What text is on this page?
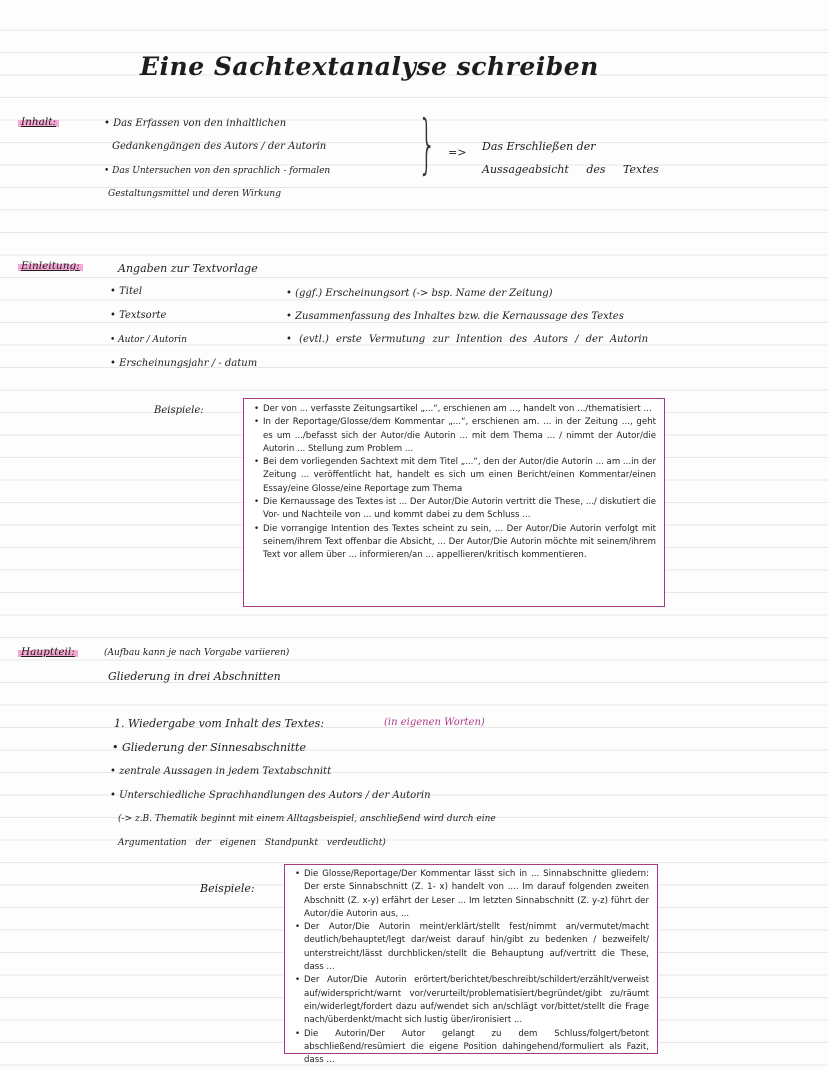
Eine Sachtextanalyse schreiben
Inhalt:	• Das Erfassen von den inhaltlichen
Gedankengängen des Autors / der Autorin
• Das Untersuchen von den sprachlich - formalen
Gestaltungsmittel und deren Wirkung
} => Das Erschließen der
Aussageabsicht des Textes
Einleitung:	Angaben zur Textvorlage
• Titel
• Textsorte
• Autor / Autorin
• Erscheinungsjahr / - datum
• (ggf.) Erscheinungsort (-> bsp. Name der Zeitung)
• Zusammenfassung des Inhaltes bzw. die Kernaussage des Textes
• (evtl.) erste Vermutung zur Intention des Autors / der Autorin
Beispiele:
•	Der von ... verfasste Zeitungsartikel „...“, erschienen am ..., handelt von .../thematisiert ...
• In der Reportage/Glosse/dem Kommentar „...“, erschienen am. ... in der Zeitung ..., geht es um .../befasst sich der Autor/die Autorin ... mit dem Thema ... / nimmt der Autor/die Autorin ... Stellung zum Problem ...
• Bei dem vorliegenden Sachtext mit dem Titel „...“, den der Autor/die Autorin ... am ...in der Zeitung ... veröffentlicht hat, handelt es sich um einen Bericht/einen Kommentar/einen Essay/eine Glosse/eine Reportage zum Thema
• Die Kernaussage des Textes ist ... Der Autor/Die Autorin vertritt die These, .../ diskutiert die Vor- und Nachteile von ... und kommt dabei zu dem Schluss ...
• Die vorrangige Intention des Textes scheint zu sein, ... Der Autor/Die Autorin verfolgt mit seinem/ihrem Text offenbar die Absicht, ... Der Autor/Die Autorin möchte mit seinem/ihrem Text vor allem über ... informieren/an ... appellieren/kritisch kommentieren.
Hauptteil:	(Aufbau kann je nach Vorgabe variieren)
Gliederung in drei Abschnitten
1. Wiedergabe vom Inhalt des Textes:	(in eigenen Worten)
• Gliederung der Sinnesabschnitte
• zentrale Aussagen in jedem Textabschnitt
• Unterschiedliche Sprachhandlungen des Autors / der Autorin
(-> z.B. Thematik beginnt mit einem Alltagsbeispiel, anschließend wird durch eine
Argumentation der eigenen Standpunkt verdeutlicht)
Beispiele:
• Die Glosse/Reportage/Der Kommentar lässt sich in ... Sinnabschnitte gliedern: Der erste Sinnabschnitt (Z. 1- x) handelt von .... Im darauf folgenden zweiten Abschnitt (Z. x-y) erfährt der Leser ... Im letzten Sinnabschnitt (Z. y-z) führt der Autor/die Autorin aus, ...
• Der Autor/Die Autorin meint/erklärt/stellt fest/nimmt an/vermutet/macht deutlich/behauptet/legt dar/weist darauf hin/gibt zu bedenken / bezweifelt/ unterstreicht/lässt durchblicken/stellt die Behauptung auf/vertritt die These, dass ...
• Der Autor/Die Autorin erörtert/berichtet/beschreibt/schildert/erzählt/verweist auf/widerspricht/warnt vor/verurteilt/problematisiert/begründet/gibt zu/räumt ein/widerlegt/fordert dazu auf/wendet sich an/schlägt vor/bittet/stellt die Frage nach/überdenkt/macht sich lustig über/ironisiert ...
• Die Autorin/Der Autor gelangt zu dem Schluss/folgert/betont abschließend/resümiert die eigene Position dahingehend/formuliert als Fazit, dass ...
